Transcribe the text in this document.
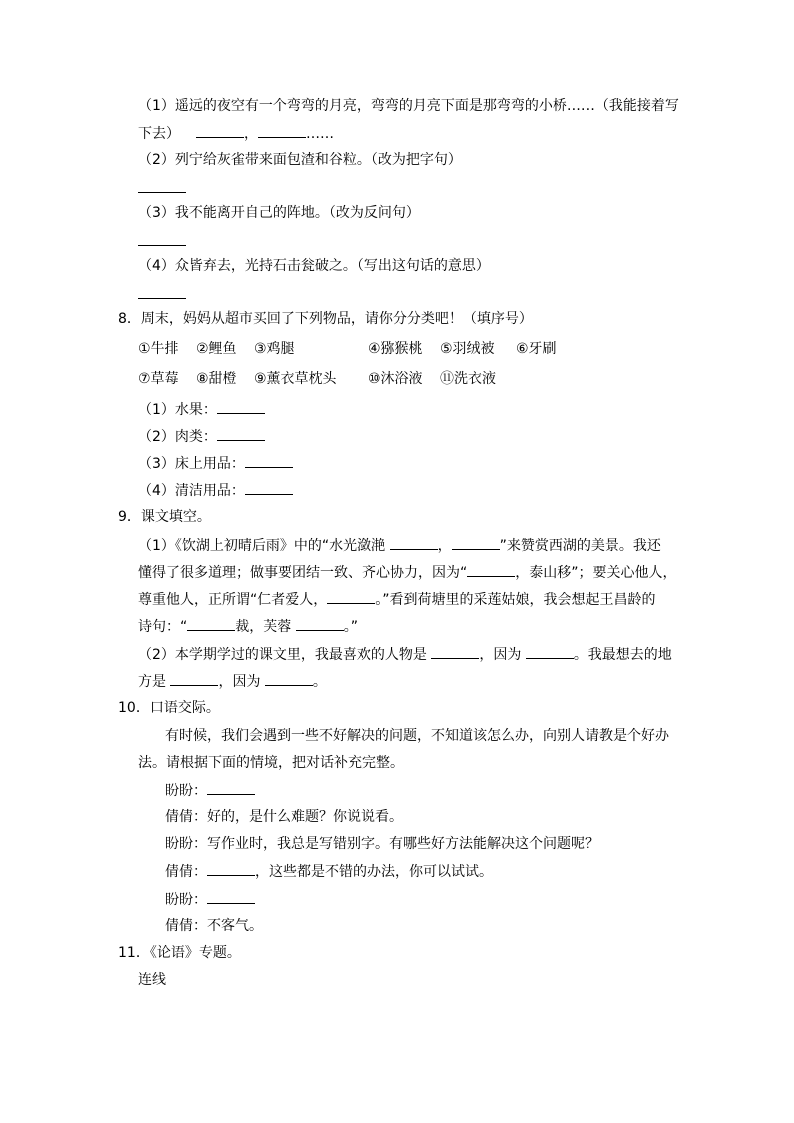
（1）遥远的夜空有一个弯弯的月亮，弯弯的月亮下面是那弯弯的小桥……（我能接着写
下去）	，	……
（2）列宁给灰雀带来面包渣和谷粒。（改为把字句）
（3）我不能离开自己的阵地。（改为反问句）
（4）众皆弃去，光持石击瓮破之。（写出这句话的意思）
8．周末，妈妈从超市买回了下列物品，请你分分类吧！（填序号）
①牛排 ②鲤鱼 ③鸡腿	④猕猴桃 ⑤羽绒被 ⑥牙刷
⑦草莓 ⑧甜橙 ⑨薰衣草枕头 ⑩沐浴液 ⑪洗衣液
（1）水果：
（2）肉类：
（3）床上用品：
（4）清洁用品：
9．课文填空。
（1）《饮湖上初晴后雨》中的“水光潋滟	，	”来赞赏西湖的美景。我还
懂得了很多道理；做事要团结一致、齐心协力，因为“	，泰山移”；要关心他人，
尊重他人，正所谓“仁者爱人，	。”看到荷塘里的采莲姑娘，我会想起王昌龄的
诗句：“	裁，芙蓉	。”
（2）本学期学过的课文里，我最喜欢的人物是	，因为	。我最想去的地
方是	，因为	。
10．口语交际。
有时候，我们会遇到一些不好解决的问题，不知道该怎么办，向别人请教是个好办
法。请根据下面的情境，把对话补充完整。
盼盼：
倩倩：好的，是什么难题？你说说看。
盼盼：写作业时，我总是写错别字。有哪些好方法能解决这个问题呢？
倩倩：	，这些都是不错的办法，你可以试试。
盼盼：
倩倩：不客气。
11．《论语》专题。
连线
